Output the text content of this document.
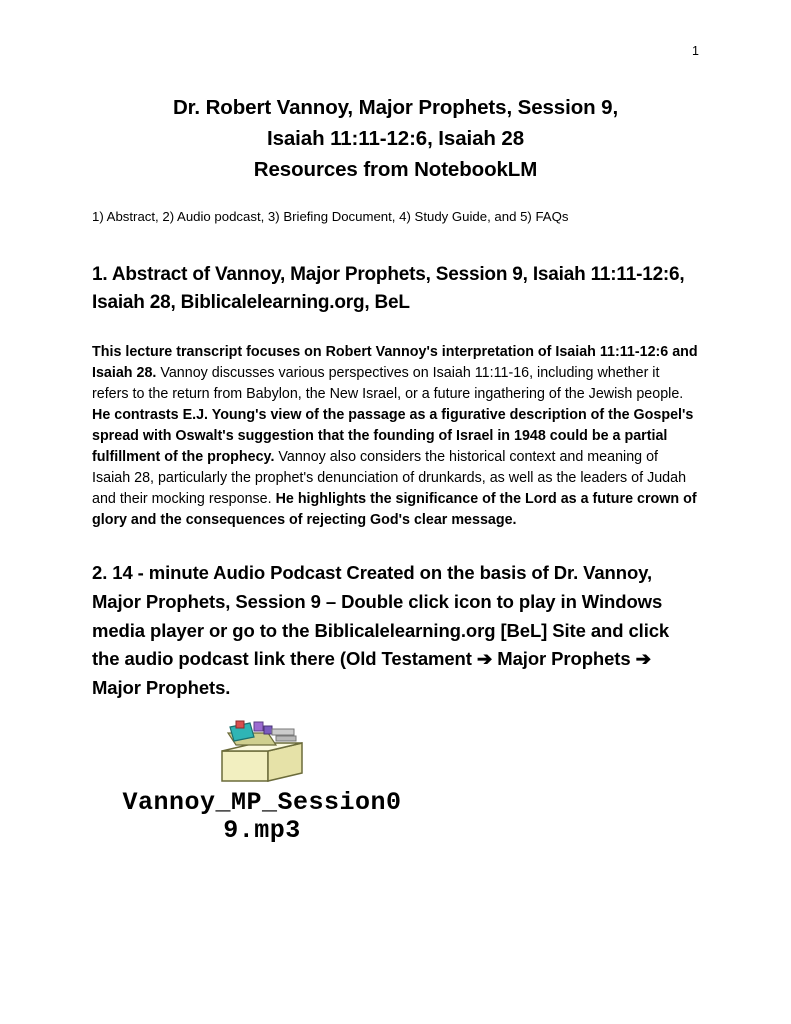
1
Dr. Robert Vannoy, Major Prophets, Session 9,
Isaiah 11:11-12:6, Isaiah 28
Resources from NotebookLM
1) Abstract, 2) Audio podcast, 3) Briefing Document, 4) Study Guide, and 5) FAQs
1. Abstract of Vannoy, Major Prophets, Session 9, Isaiah 11:11-12:6, Isaiah 28, Biblicalelearning.org, BeL

This lecture transcript focuses on Robert Vannoy's interpretation of Isaiah 11:11-12:6 and Isaiah 28. Vannoy discusses various perspectives on Isaiah 11:11-16, including whether it refers to the return from Babylon, the New Israel, or a future ingathering of the Jewish people. He contrasts E.J. Young's view of the passage as a figurative description of the Gospel's spread with Oswalt's suggestion that the founding of Israel in 1948 could be a partial fulfillment of the prophecy. Vannoy also considers the historical context and meaning of Isaiah 28, particularly the prophet's denunciation of drunkards, as well as the leaders of Judah and their mocking response. He highlights the significance of the Lord as a future crown of glory and the consequences of rejecting God's clear message.

2. 14 - minute Audio Podcast Created on the basis of Dr. Vannoy, Major Prophets, Session 9 – Double click icon to play in Windows media player or go to the Biblicalelearning.org [BeL] Site and click the audio podcast link there (Old Testament ➔ Major Prophets ➔ Major Prophets.
Vannoy_MP_Session09.mp3
